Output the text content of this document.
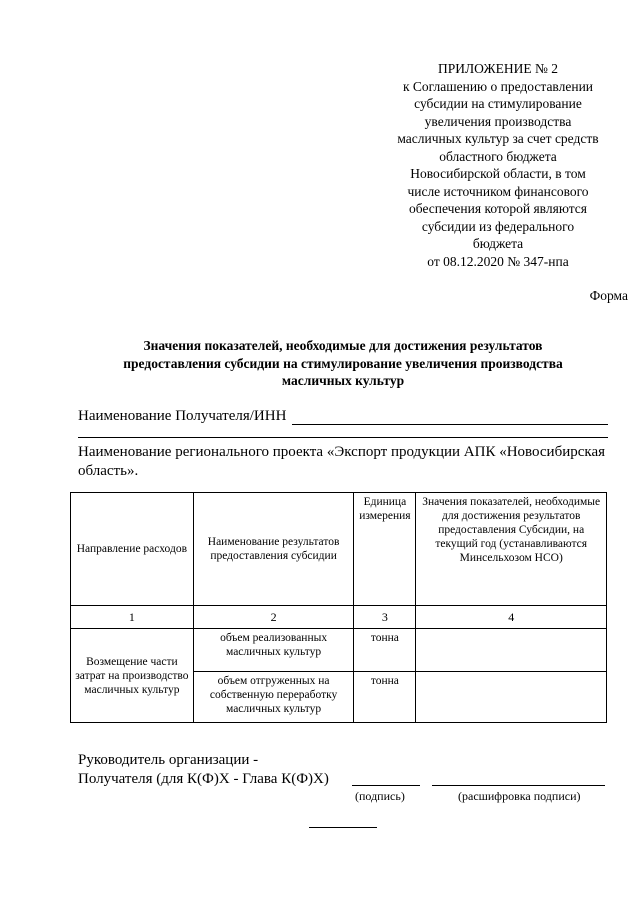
ПРИЛОЖЕНИЕ № 2
к Соглашению о предоставлении
субсидии на стимулирование
увеличения производства
масличных культур за счет средств
областного бюджета
Новосибирской области, в том
числе источником финансового
обеспечения которой являются
субсидии из федерального
бюджета
от 08.12.2020 № 347-нпа
Форма
Значения показателей, необходимые для достижения результатов
предоставления субсидии на стимулирование увеличения производства
масличных культур
Наименование Получателя/ИНН
Наименование регионального проекта «Экспорт продукции АПК «Новосибирская область».
Направление расходов	Наименование результатов предоставления субсидии	Единица измерения	Значения показателей, необходимые для достижения результатов предоставления Субсидии, на текущий год (устанавливаются Минсельхозом НСО)
1	2	3	4
Возмещение части затрат на производство масличных культур	объем реализованных масличных культур	тонна	
	объем отгруженных на собственную переработку масличных культур	тонна	
Руководитель организации -
Получателя (для К(Ф)Х - Глава К(Ф)Х)
(подпись)	(расшифровка подписи)
